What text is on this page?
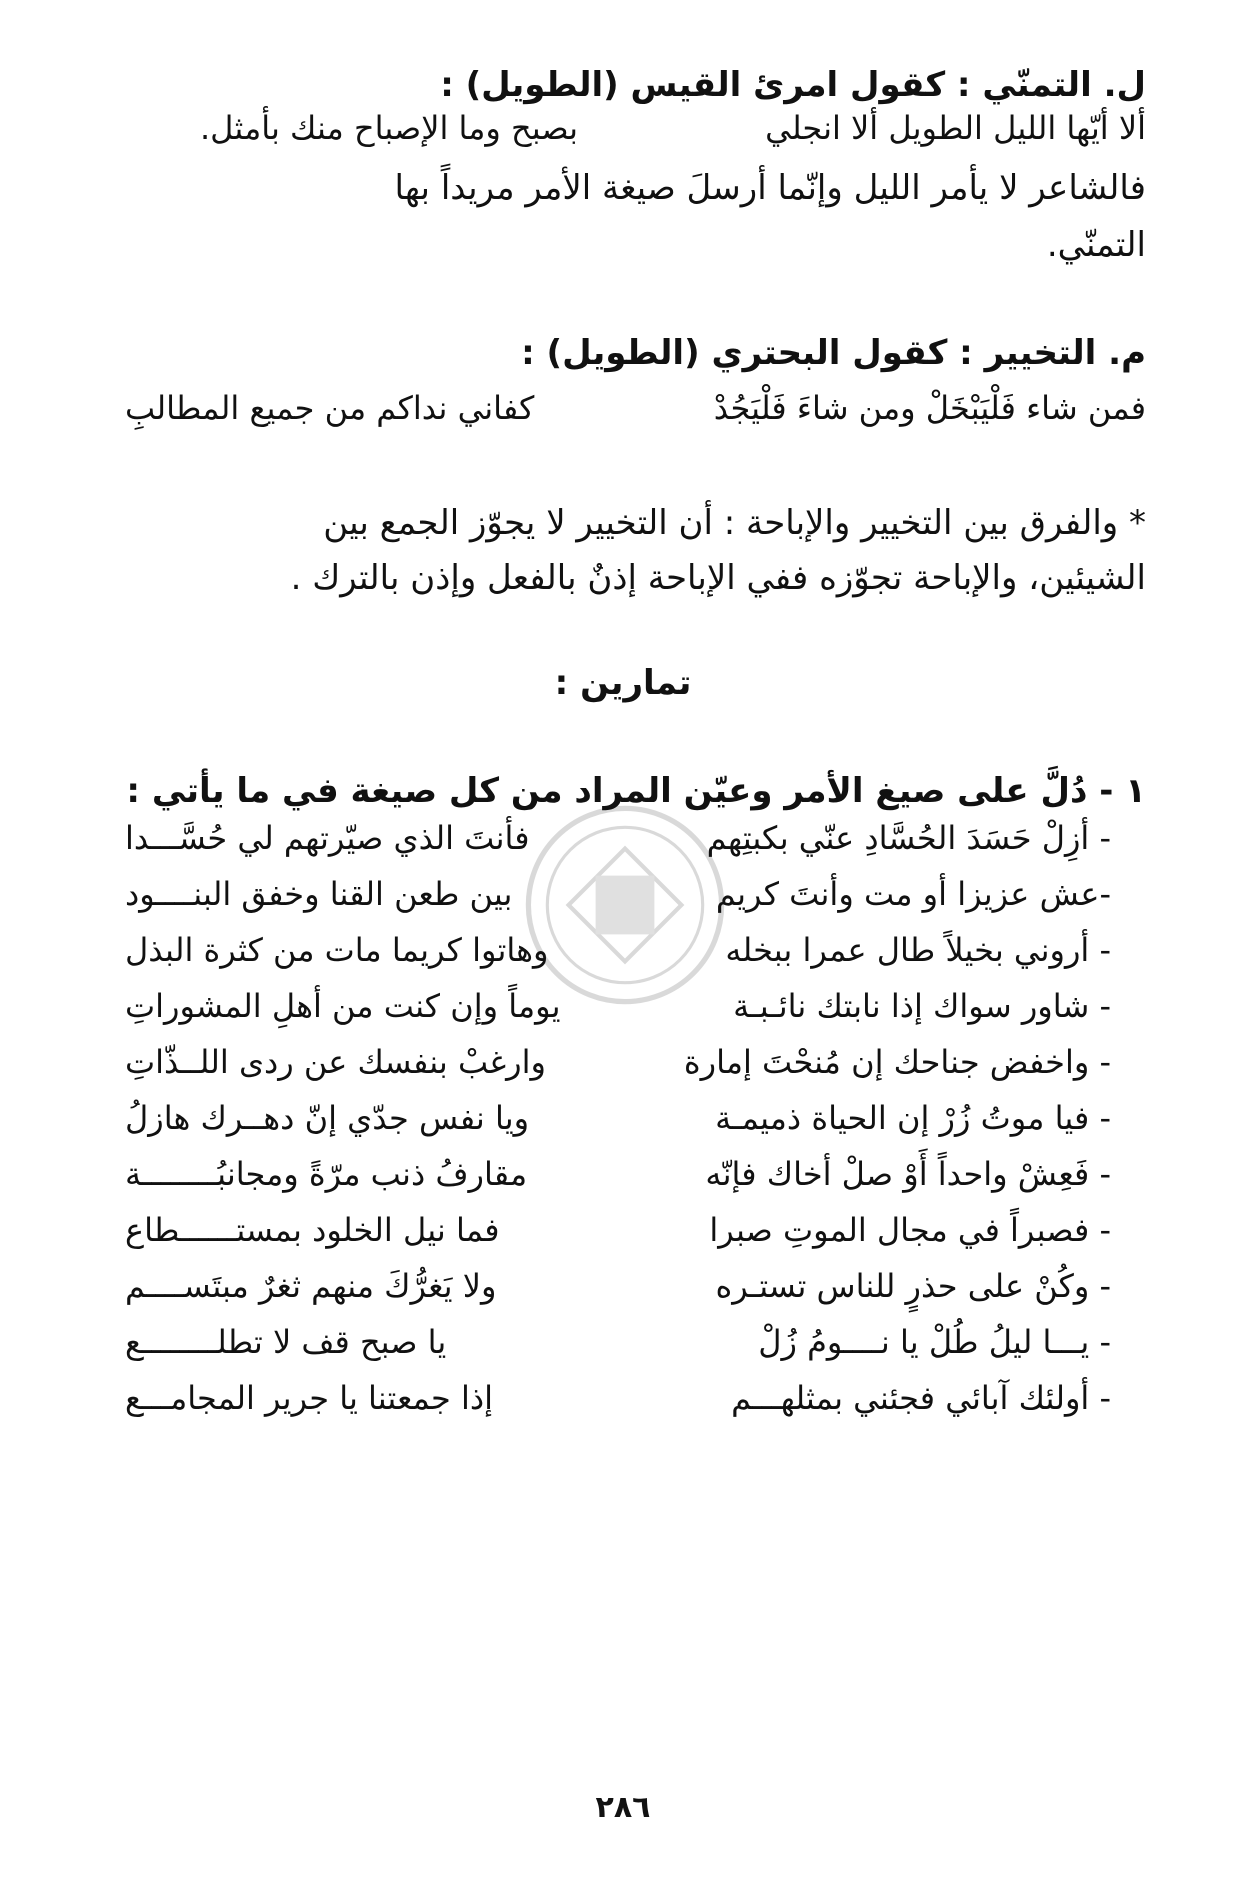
ل. التمنّي : كقول امرئ القيس (الطويل) :
ألا أيّها الليل الطويل ألا انجلي
بصبح وما الإصباح منك بأمثل.
فالشاعر لا يأمر الليل وإنّما أرسلَ صيغة الأمر مريداً بها
التمنّي.
م. التخيير : كقول البحتري (الطويل) :
فمن شاء فَلْيَبْخَلْ ومن شاءَ فَلْيَجُدْ
كفاني نداكم من جميع المطالبِ
* والفرق بين التخيير والإباحة : أن التخيير لا يجوّز الجمع بين
الشيئين، والإباحة تجوّزه ففي الإباحة إذنٌ بالفعل وإذن بالترك .
تمارين :
١ - دُلَّ على صيغ الأمر وعيّن المراد من كل صيغة في ما يأتي :
- أزِلْ حَسَدَ الحُسَّادِ عنّي بكبتِهم
فأنتَ الذي صيّرتهم لي حُسَّـــدا
-عش عزيزا أو مت وأنتَ كريم
بين طعن القنا وخفق البنــــود
- أروني بخيلاً طال عمرا ببخله
وهاتوا كريما مات من كثرة البذل
- شاور سواك إذا نابتك نائـبـة
يوماً وإن كنت من أهلِ المشوراتِ
- واخفض جناحك إن مُنحْتَ إمارة
وارغبْ بنفسك عن ردى اللــذّاتِ
- فيا موتُ زُرْ إن الحياة ذميمـة
ويا نفس جدّي إنّ دهــرك هازلُ
- فَعِشْ واحداً أَوْ صلْ أخاك فإنّه
مقارفُ ذنب مرّةً ومجانبُــــــــة
- فصبراً في مجال الموتِ صبرا
فما نيل الخلود بمستــــــطاع
- وكُنْ على حذرٍ للناس تستـره
ولا يَغرُّكَ منهم ثغرٌ مبتَســــم
- يـــا ليلُ طُلْ يا نــــومُ زُلْ
يا صبح قف لا تطلــــــــع
- أولئك آبائي فجئني بمثلهـــم
إذا جمعتنا يا جرير المجامـــع
٢٨٦
